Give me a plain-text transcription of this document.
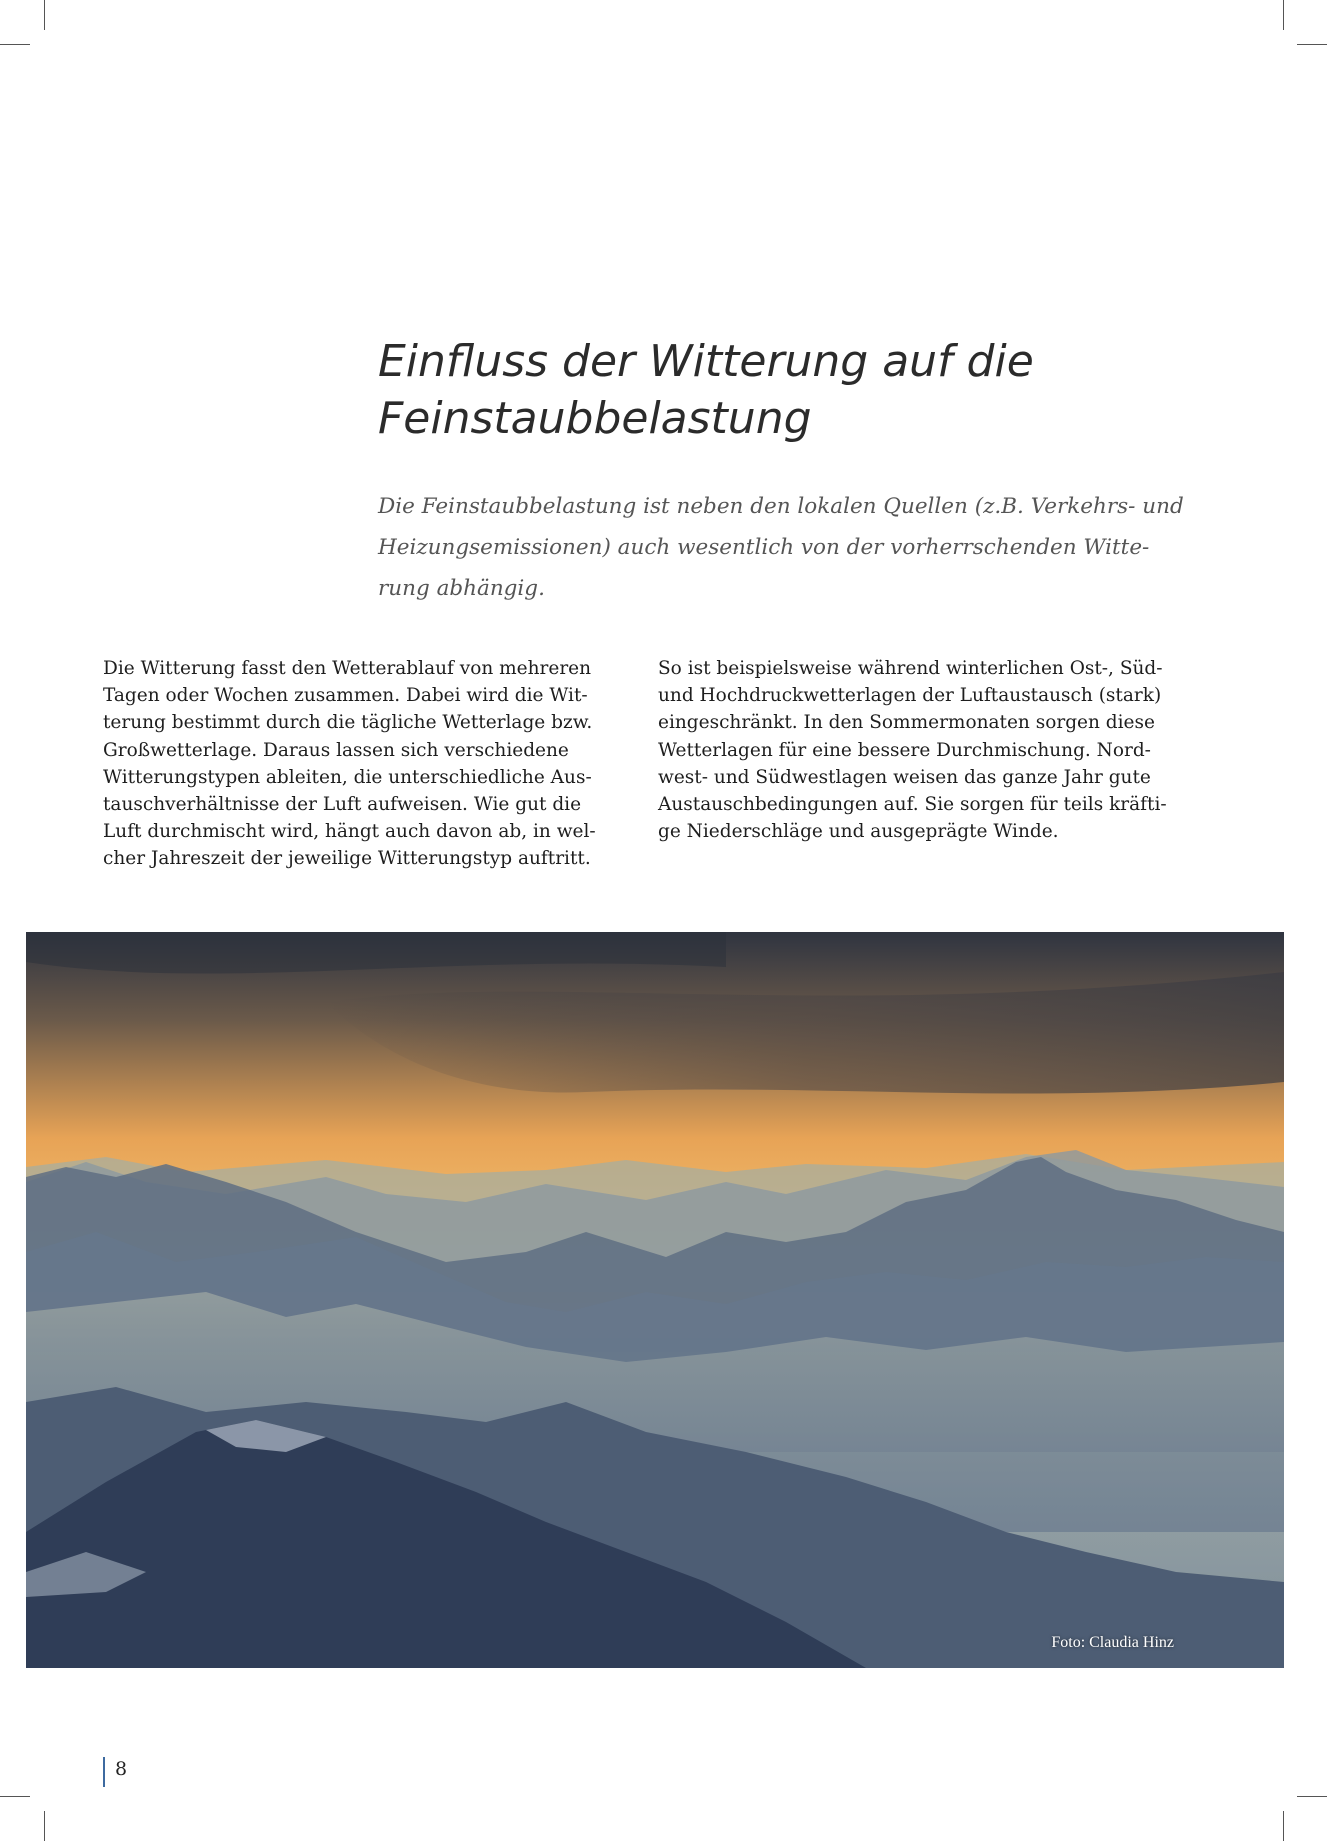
Einfluss der Witterung auf die
Feinstaubbelastung
Die Feinstaubbelastung ist neben den lokalen Quellen (z.B. Verkehrs- und
Heizungsemissionen) auch wesentlich von der vorherrschenden Witte-
rung abhängig.
Die Witterung fasst den Wetterablauf von mehreren
Tagen oder Wochen zusammen. Dabei wird die Wit-
terung bestimmt durch die tägliche Wetterlage bzw.
Großwetterlage. Daraus lassen sich verschiedene
Witterungstypen ableiten, die unterschiedliche Aus-
tauschverhältnisse der Luft aufweisen. Wie gut die
Luft durchmischt wird, hängt auch davon ab, in wel-
cher Jahreszeit der jeweilige Witterungstyp auftritt.
So ist beispielsweise während winterlichen Ost-, Süd-
und Hochdruckwetterlagen der Luftaustausch (stark)
eingeschränkt. In den Sommermonaten sorgen diese
Wetterlagen für eine bessere Durchmischung. Nord-
west- und Südwestlagen weisen das ganze Jahr gute
Austauschbedingungen auf. Sie sorgen für teils kräfti-
ge Niederschläge und ausgeprägte Winde.
Foto: Claudia Hinz
8
